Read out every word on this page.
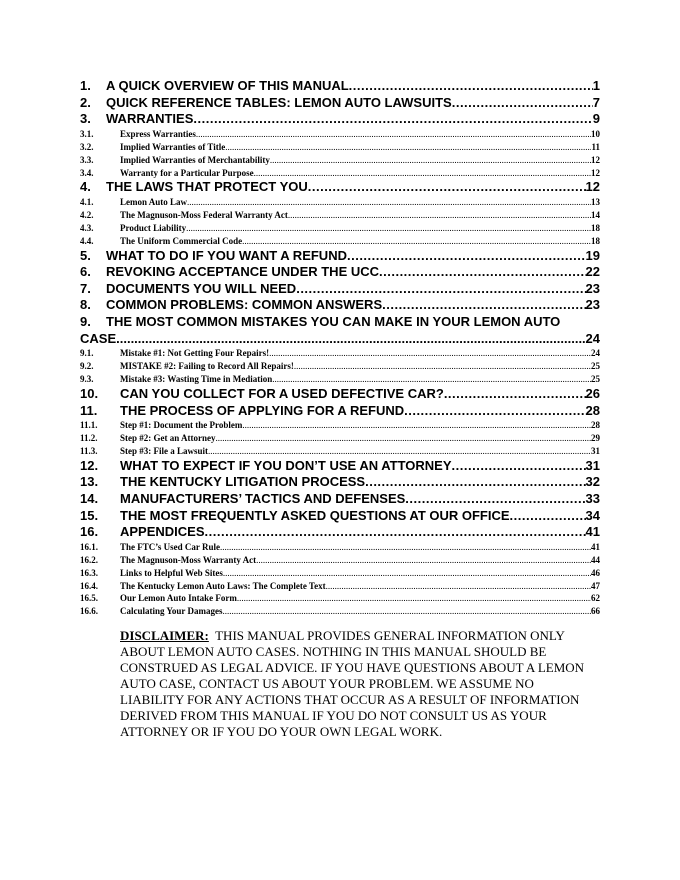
1.	A QUICK OVERVIEW OF THIS MANUAL .....	1
2.	QUICK REFERENCE TABLES: LEMON AUTO LAWSUITS .....	7
3.	WARRANTIES .....	9
3.1.	Express Warranties .....	10
3.2.	Implied Warranties of Title .....	11
3.3.	Implied Warranties of Merchantability .....	12
3.4.	Warranty for a Particular Purpose .....	12
4.	THE LAWS THAT PROTECT YOU .....	12
4.1.	Lemon Auto Law .....	13
4.2.	The Magnuson-Moss Federal Warranty Act .....	14
4.3.	Product Liability .....	18
4.4.	The Uniform Commercial Code .....	18
5.	WHAT TO DO IF YOU WANT A REFUND .....	19
6.	REVOKING ACCEPTANCE UNDER THE UCC .....	22
7.	DOCUMENTS YOU WILL NEED .....	23
8.	COMMON PROBLEMS: COMMON ANSWERS .....	23
9.	THE MOST COMMON MISTAKES YOU CAN MAKE IN YOUR LEMON AUTO
CASE .....	24
9.1.	Mistake #1: Not Getting Four Repairs! .....	24
9.2.	MISTAKE #2: Failing to Record All Repairs! .....	25
9.3.	Mistake #3: Wasting Time in Mediation .....	25
10.	CAN YOU COLLECT FOR A USED DEFECTIVE CAR? .....	26
11.	THE PROCESS OF APPLYING FOR A REFUND .....	28
11.1.	Step #1: Document the Problem .....	28
11.2.	Step #2: Get an Attorney .....	29
11.3.	Step #3: File a Lawsuit .....	31
12.	WHAT TO EXPECT IF YOU DON’T USE AN ATTORNEY .....	31
13.	THE KENTUCKY LITIGATION PROCESS .....	32
14.	MANUFACTURERS’ TACTICS AND DEFENSES .....	33
15.	THE MOST FREQUENTLY ASKED QUESTIONS AT OUR OFFICE .....	34
16.	APPENDICES .....	41
16.1.	The FTC’s Used Car Rule .....	41
16.2.	The Magnuson-Moss Warranty Act .....	44
16.3.	Links to Helpful Web Sites .....	46
16.4.	The Kentucky Lemon Auto Laws: The Complete Text .....	47
16.5.	Our Lemon Auto Intake Form .....	62
16.6.	Calculating Your Damages .....	66
DISCLAIMER: THIS MANUAL PROVIDES GENERAL INFORMATION ONLY ABOUT LEMON AUTO CASES. NOTHING IN THIS MANUAL SHOULD BE CONSTRUED AS LEGAL ADVICE. IF YOU HAVE QUESTIONS ABOUT A LEMON AUTO CASE, CONTACT US ABOUT YOUR PROBLEM. WE ASSUME NO LIABILITY FOR ANY ACTIONS THAT OCCUR AS A RESULT OF INFORMATION DERIVED FROM THIS MANUAL IF YOU DO NOT CONSULT US AS YOUR ATTORNEY OR IF YOU DO YOUR OWN LEGAL WORK.
